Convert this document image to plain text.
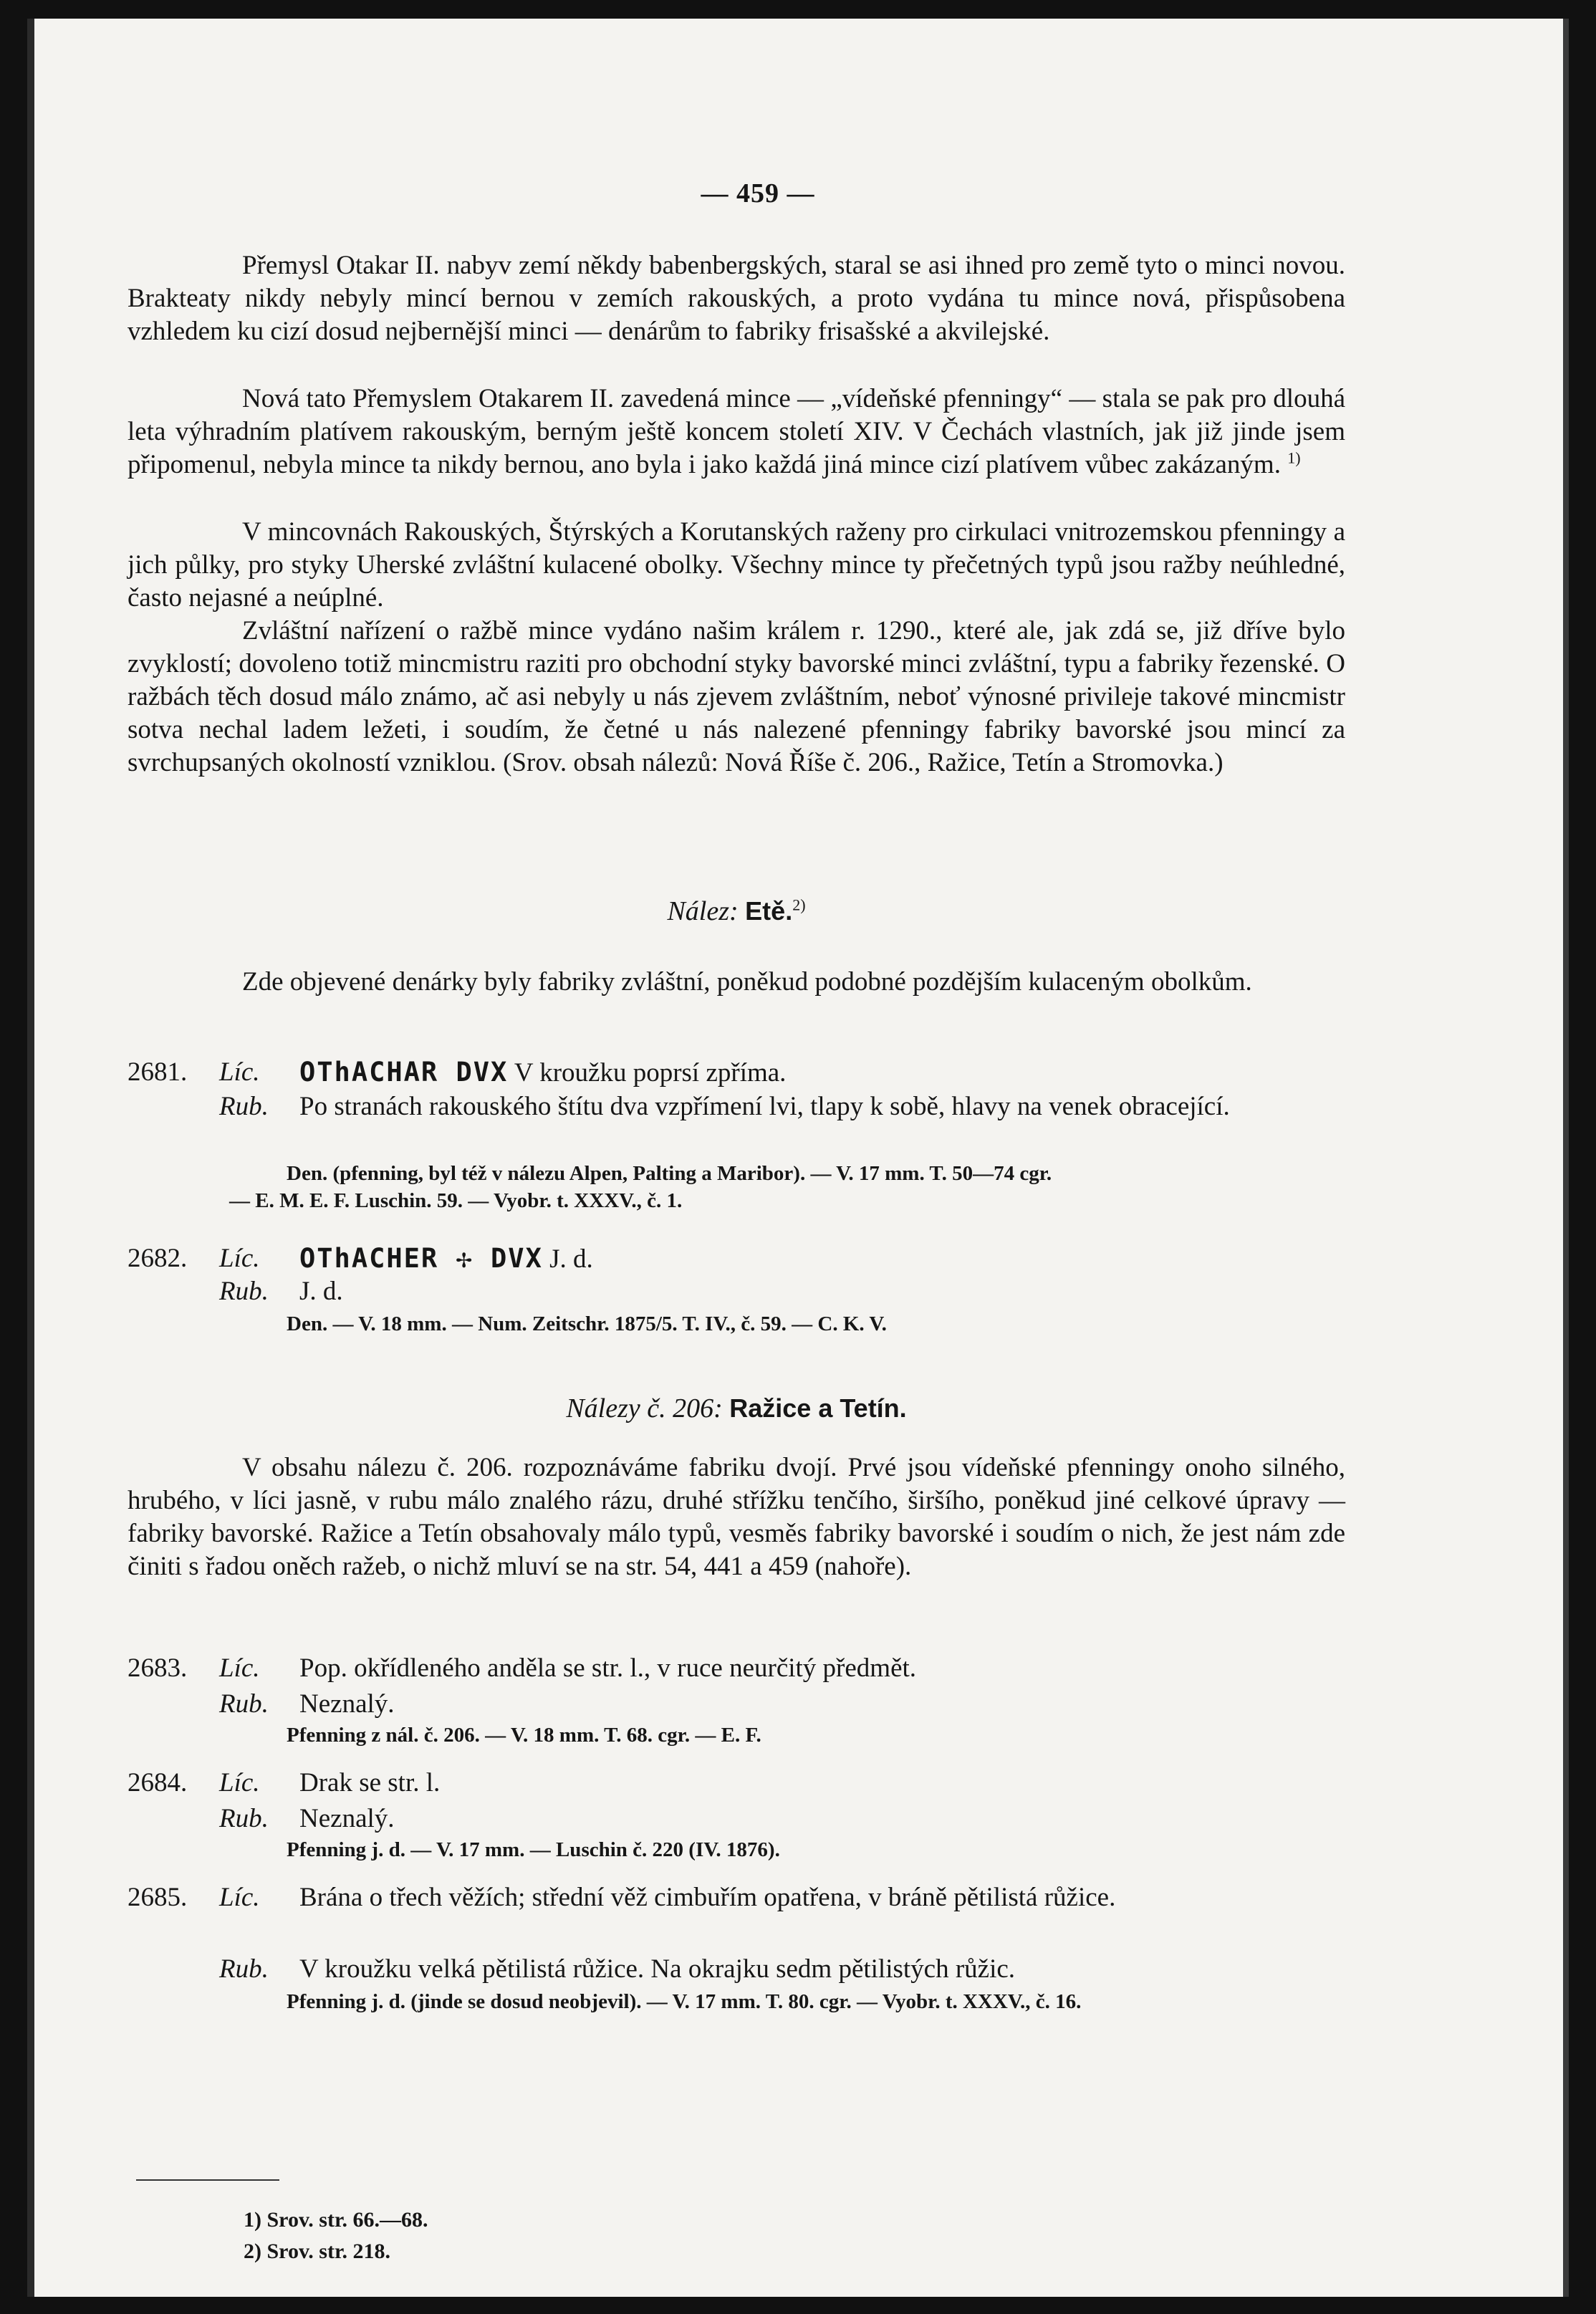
— 459 —
Přemysl Otakar II. nabyv zemí někdy babenbergských, staral se asi ihned pro země tyto o minci novou. Brakteaty nikdy nebyly mincí bernou v zemích rakouských, a proto vydána tu mince nová, přispůsobena vzhledem ku cizí dosud nejbernější minci — denárům to fabriky frisašské a akvilejské.
Nová tato Přemyslem Otakarem II. zavedená mince — „vídeňské pfenningy“ — stala se pak pro dlouhá leta výhradním platívem rakouským, berným ještě koncem století XIV. V Čechách vlastních, jak již jinde jsem připomenul, nebyla mince ta nikdy bernou, ano byla i jako každá jiná mince cizí platívem vůbec zakázaným. $^{1)}$
V mincovnách Rakouských, Štýrských a Korutanských raženy pro cirkulaci vnitrozemskou pfenningy a jich půlky, pro styky Uherské zvláštní kulacené obolky. Všechny mince ty přečetných typů jsou ražby neúhledné, často nejasné a neúplné.
Zvláštní nařízení o ražbě mince vydáno našim králem r. 1290., které ale, jak zdá se, již dříve bylo zvyklostí; dovoleno totiž mincmistru raziti pro obchodní styky bavorské minci zvláštní, typu a fabriky řezenské. O ražbách těch dosud málo známo, ač asi nebyly u nás zjevem zvláštním, neboť výnosné privileje takové mincmistr sotva nechal ladem ležeti, i soudím, že četné u nás nalezené pfenningy fabriky bavorské jsou mincí za svrchupsaných okolností vzniklou. (Srov. obsah nálezů: Nová Říše č. 206., Ražice, Tetín a Stromovka.)
Nález: Etě.$^{2)}$
Zde objevené denárky byly fabriky zvláštní, poněkud podobné pozdějším kulaceným obolkům.
2681.	Líc.	OThACHAR DVX V kroužku poprsí zpříma.
Rub.	Po stranách rakouského štítu dva vzpřímení lvi, tlapy k sobě, hlavy na venek obracející.
Den. (pfenning, byl též v nálezu Alpen, Palting a Maribor). — V. 17 mm. T. 50—74 cgr.
— E. M. E. F. Luschin. 59. — Vyobr. t. XXXV., č. 1.
2682.	Líc.	OThACHER ✢ DVX J. d.
Rub.	J. d.
Den. — V. 18 mm. — Num. Zeitschr. 1875/5. T. IV., č. 59. — C. K. V.
Nálezy č. 206: Ražice a Tetín.
V obsahu nálezu č. 206. rozpoznáváme fabriku dvojí. Prvé jsou vídeňské pfenningy onoho silného, hrubého, v líci jasně, v rubu málo znalého rázu, druhé střížku tenčího, širšího, poněkud jiné celkové úpravy — fabriky bavorské. Ražice a Tetín obsahovaly málo typů, vesměs fabriky bavorské i soudím o nich, že jest nám zde činiti s řadou oněch ražeb, o nichž mluví se na str. 54, 441 a 459 (nahoře).
2683.	Líc.	Pop. okřídleného anděla se str. l., v ruce neurčitý předmět.
Rub.	Neznalý.
Pfenning z nál. č. 206. — V. 18 mm. T. 68. cgr. — E. F.
2684.	Líc.	Drak se str. l.
Rub.	Neznalý.
Pfenning j. d. — V. 17 mm. — Luschin č. 220 (IV. 1876).
2685.	Líc.	Brána o třech věžích; střední věž cimbuřím opatřena, v bráně pětilistá růžice.
Rub.	V kroužku velká pětilistá růžice. Na okrajku sedm pětilistých růžic.
Pfenning j. d. (jinde se dosud neobjevil). — V. 17 mm. T. 80. cgr. — Vyobr. t. XXXV., č. 16.
1) Srov. str. 66.—68.
2) Srov. str. 218.
